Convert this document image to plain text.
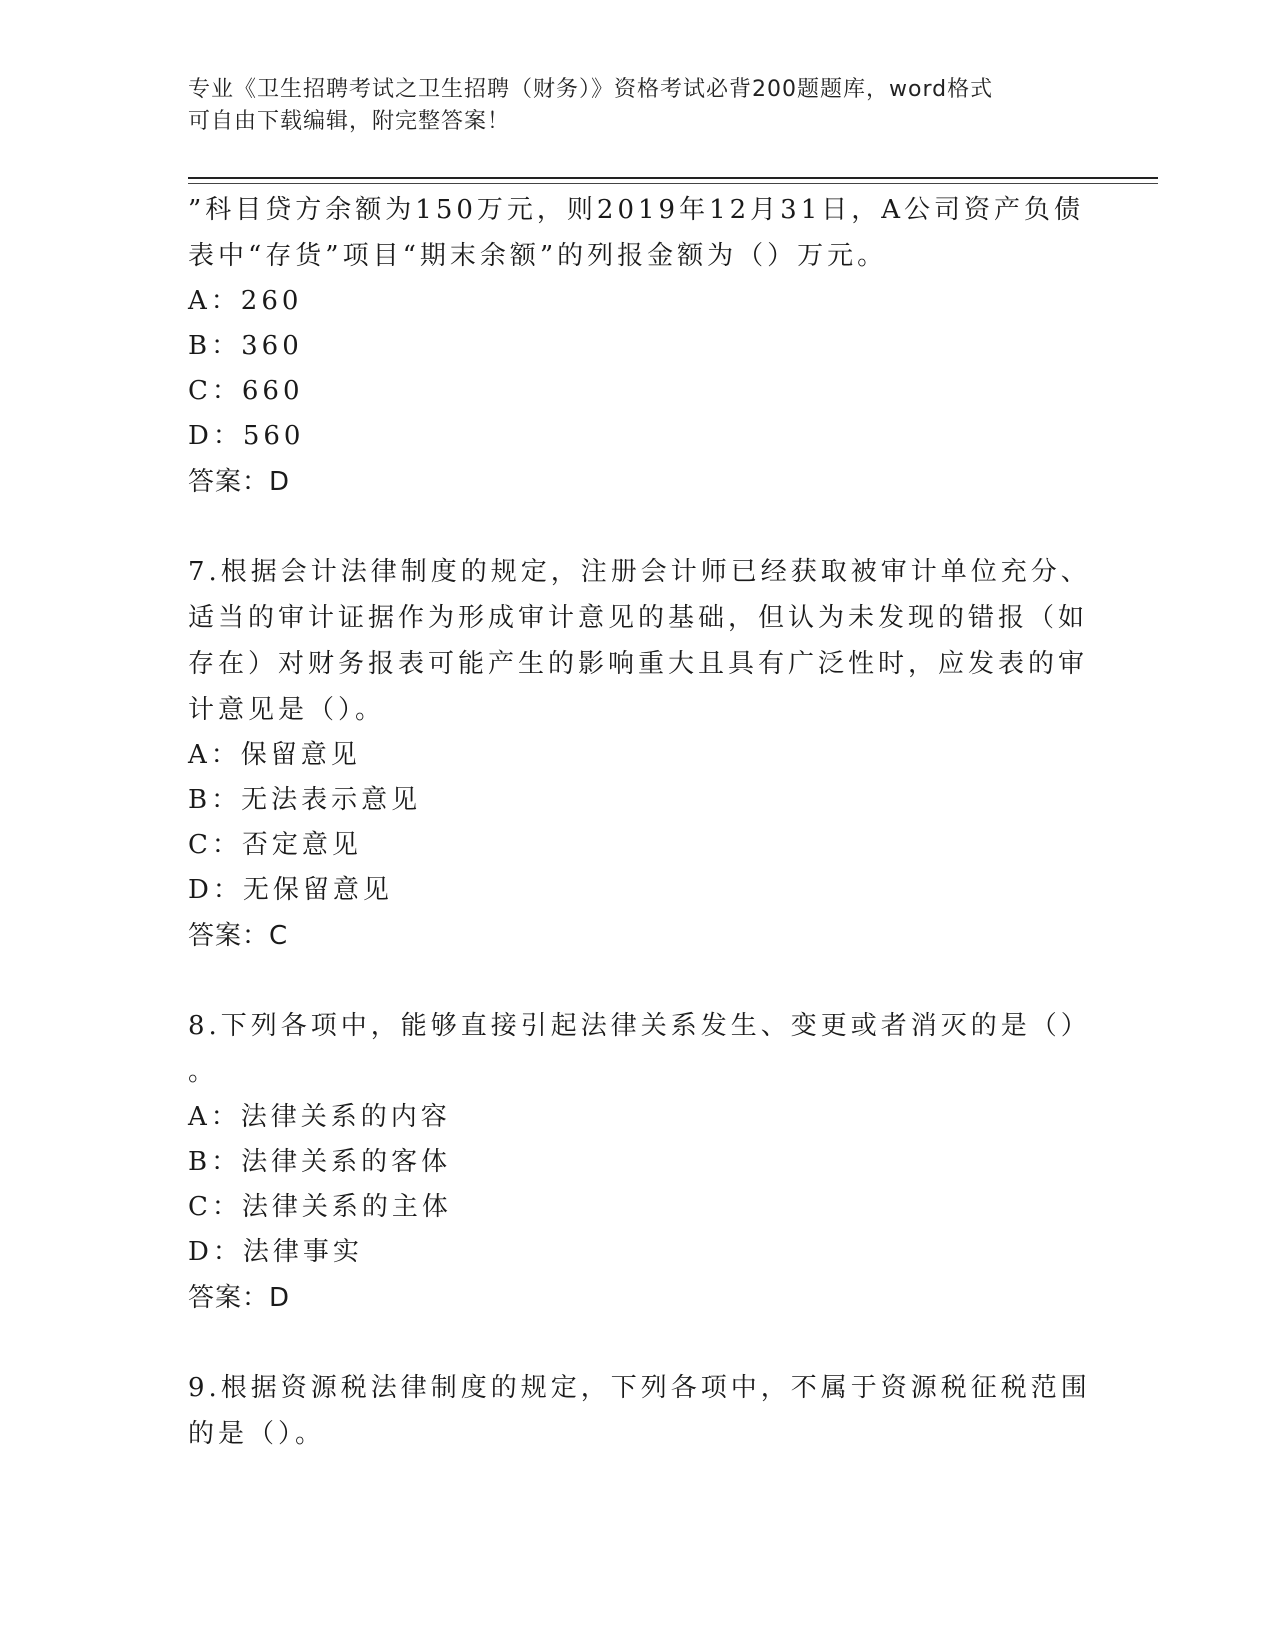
专业《卫生招聘考试之卫生招聘（财务）》资格考试必背200题题库，word格式
可自由下载编辑，附完整答案！
”科目贷方余额为150万元，则2019年12月31日，A公司资产负债
表中“存货”项目“期末余额”的列报金额为（）万元。
A：260
B：360
C：660
D：560
答案：D
7.根据会计法律制度的规定，注册会计师已经获取被审计单位充分、
适当的审计证据作为形成审计意见的基础，但认为未发现的错报（如
存在）对财务报表可能产生的影响重大且具有广泛性时，应发表的审
计意见是（）。
A：保留意见
B：无法表示意见
C：否定意见
D：无保留意见
答案：C
8.下列各项中，能够直接引起法律关系发生、变更或者消灭的是（）
。
A：法律关系的内容
B：法律关系的客体
C：法律关系的主体
D：法律事实
答案：D
9.根据资源税法律制度的规定，下列各项中，不属于资源税征税范围
的是（）。
